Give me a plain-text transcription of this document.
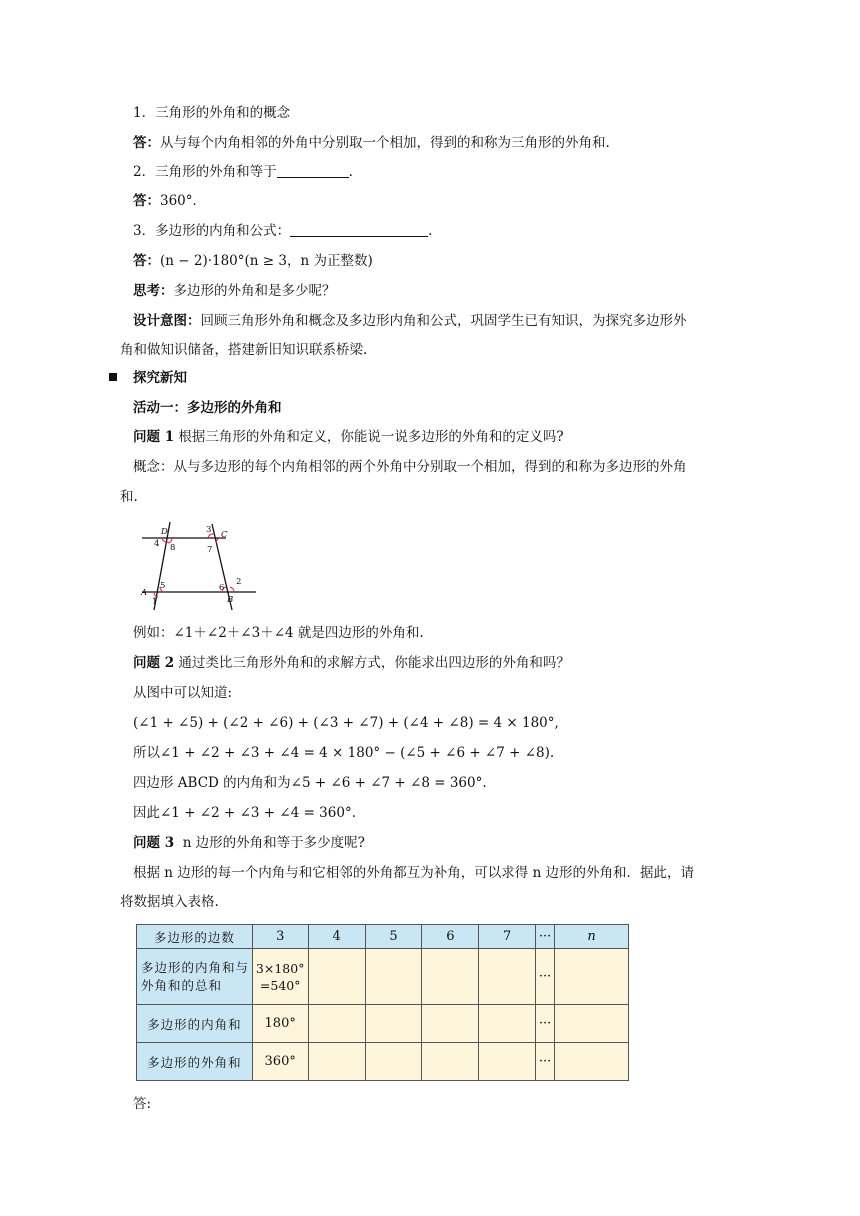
1．三角形的外角和的概念
答：从与每个内角相邻的外角中分别取一个相加，得到的和称为三角形的外角和.
2．三角形的外角和等于	.
答：360°．
3．多边形的内角和公式：	.
答：(n − 2)·180°(n ≥ 3，n 为正整数)
思考：多边形的外角和是多少呢？
设计意图：回顾三角形外角和概念及多边形内角和公式，巩固学生已有知识，为探究多边形外
角和做知识储备，搭建新旧知识联系桥梁.
探究新知
活动一：多边形的外角和
问题 1 根据三角形的外角和定义，你能说一说多边形的外角和的定义吗?
概念：从与多边形的每个内角相邻的两个外角中分别取一个相加，得到的和称为多边形的外角
和.
D	C
A
B
1
2
3
4
5	6
7
8
例如：∠1＋∠2＋∠3＋∠4 就是四边形的外角和.
问题 2 通过类比三角形外角和的求解方式，你能求出四边形的外角和吗？
从图中可以知道:
(∠1 + ∠5) + (∠2 + ∠6) + (∠3 + ∠7) + (∠4 + ∠8) = 4 × 180°,
所以∠1 + ∠2 + ∠3 + ∠4 = 4 × 180° − (∠5 + ∠6 + ∠7 + ∠8).
四边形 ABCD 的内角和为∠5 + ∠6 + ∠7 + ∠8 = 360°.
因此∠1 + ∠2 + ∠3 + ∠4 = 360°.
问题 3 n 边形的外角和等于多少度呢?
根据 n 边形的每一个内角与和它相邻的外角都互为补角，可以求得 n 边形的外角和．据此，请
将数据填入表格.
多边形的边数	3	4	5	6	7	···	n
多边形的内角和与外角和的总和	3×180° =540°					···	
多边形的内角和	180°					···	
多边形的外角和	360°					···	
答:
